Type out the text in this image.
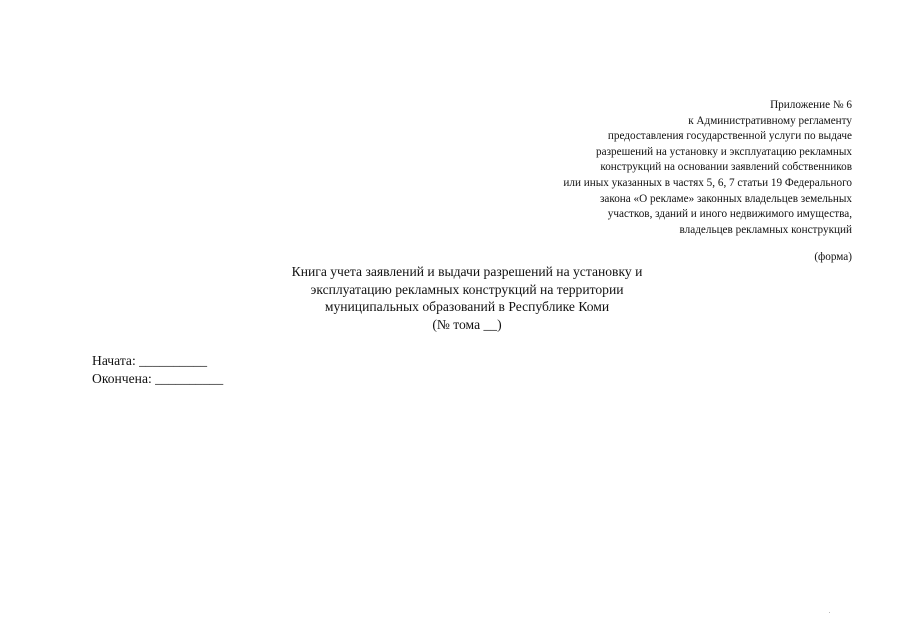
Приложение № 6
к Административному регламенту
предоставления государственной услуги по выдаче
разрешений на установку и эксплуатацию рекламных
конструкций на основании заявлений собственников
или иных указанных в частях 5, 6, 7 статьи 19 Федерального
закона «О рекламе» законных владельцев земельных
участков, зданий и иного недвижимого имущества,
владельцев рекламных конструкций
(форма)
Книга учета заявлений и выдачи разрешений на установку и
эксплуатацию рекламных конструкций на территории
муниципальных образований в Республике Коми
(№ тома __)
Начата: __________
Окончена: __________
